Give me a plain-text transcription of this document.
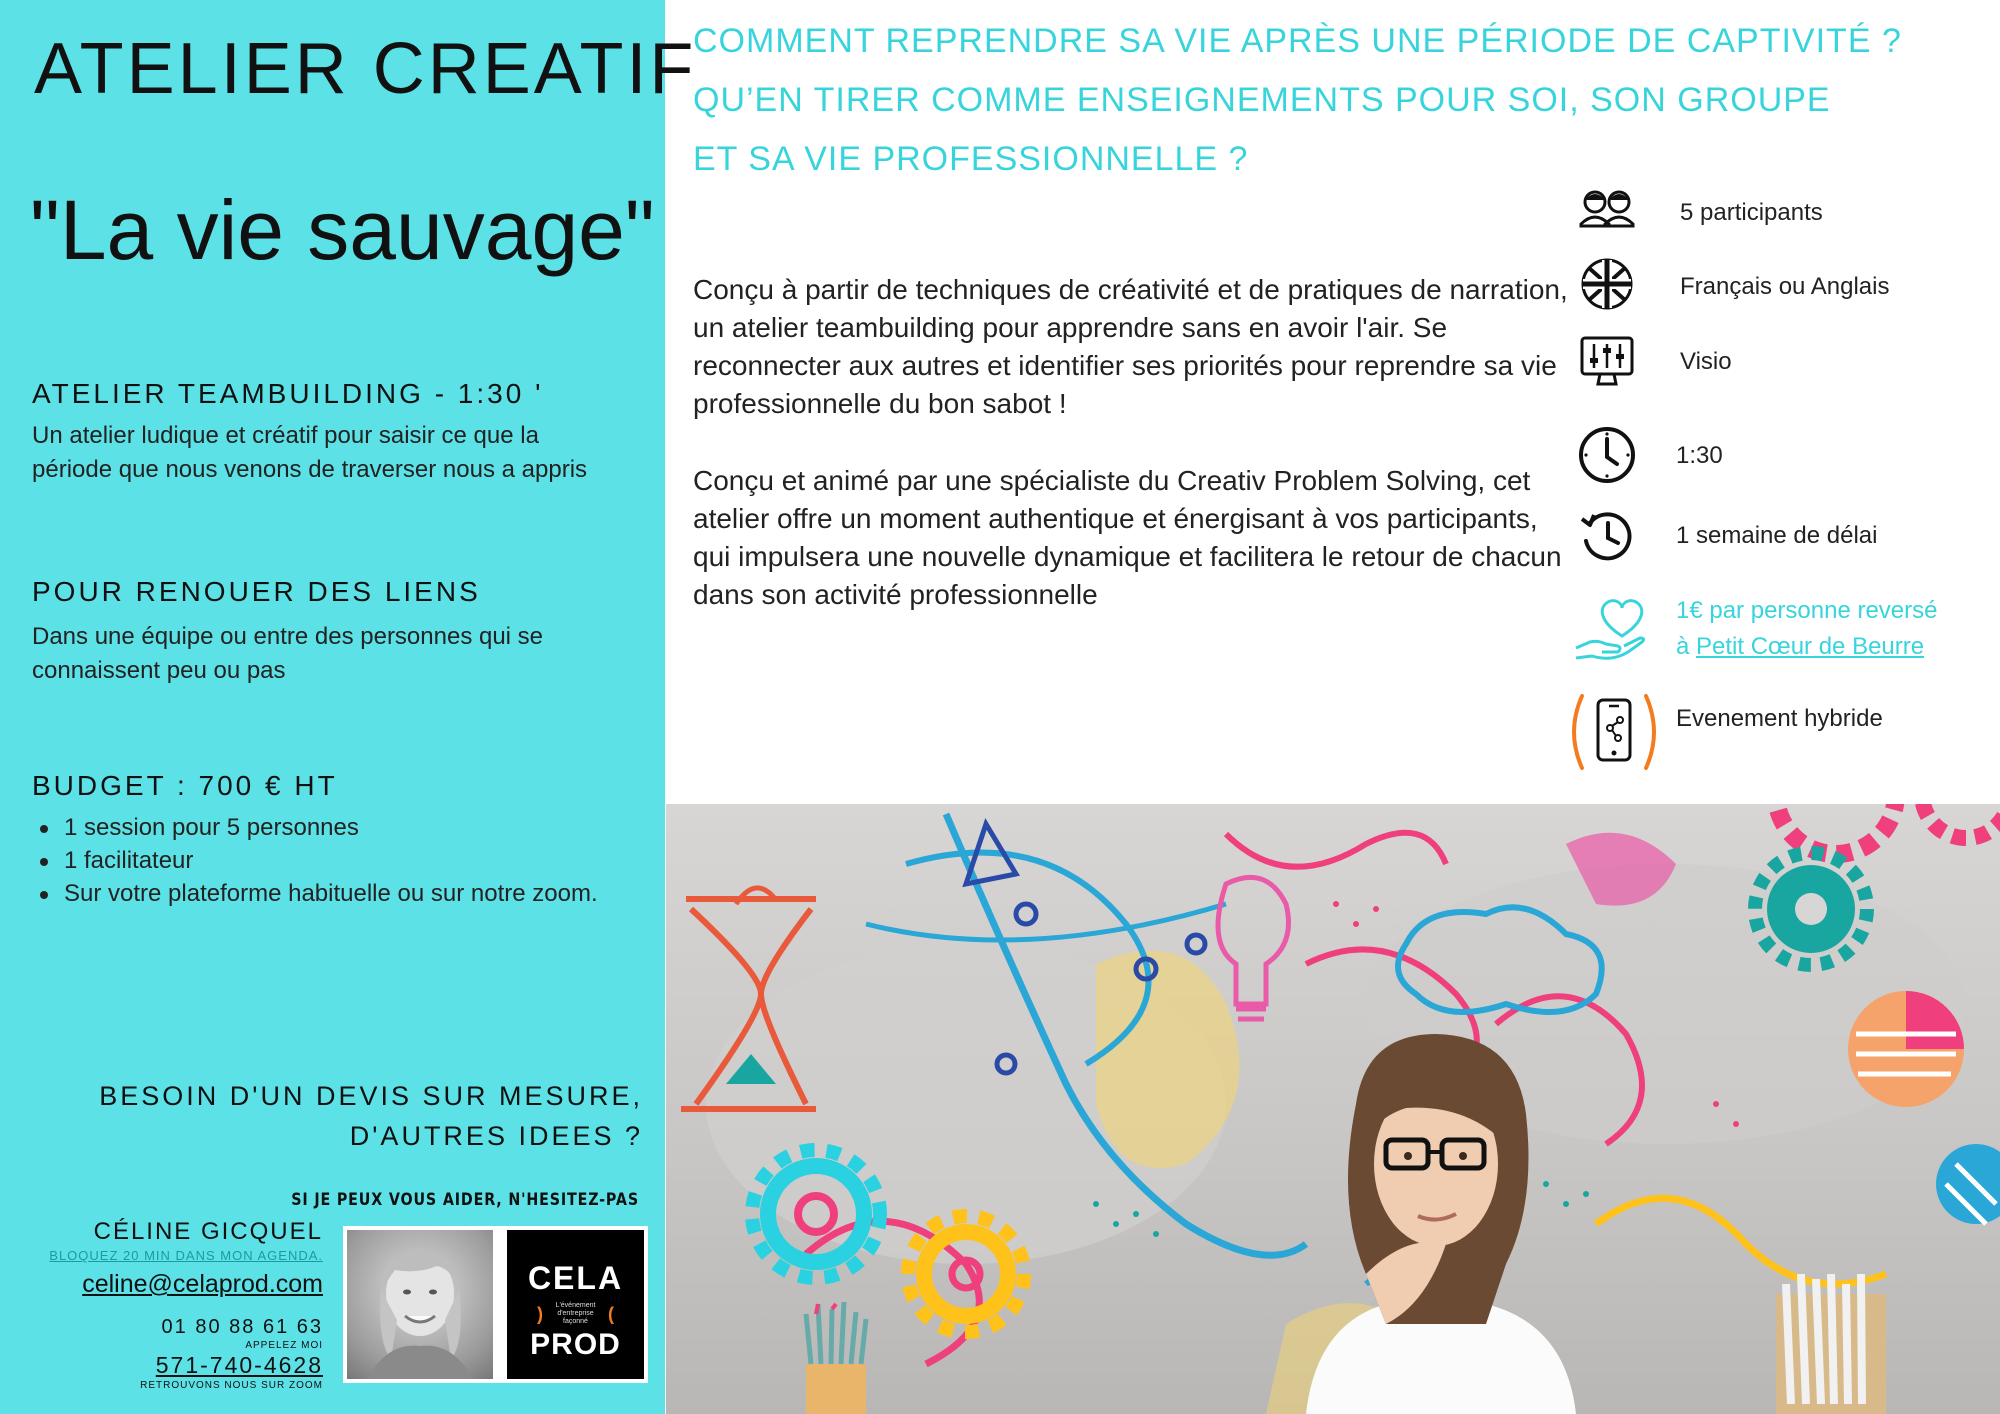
ATELIER CREATIF
"La vie sauvage"
ATELIER TEAMBUILDING - 1:30 '
Un atelier ludique et créatif pour saisir ce que la période que nous venons de traverser nous a appris
POUR RENOUER DES LIENS
Dans une équipe ou entre des personnes qui se connaissent peu ou pas
BUDGET : 700 € HT
1 session pour 5 personnes
1 facilitateur
Sur votre plateforme habituelle ou sur notre zoom.
BESOIN D'UN DEVIS SUR MESURE,
D'AUTRES IDEES ?
SI JE PEUX VOUS AIDER, N'HESITEZ-PAS
CÉLINE GICQUEL
BLOQUEZ 20 MIN DANS MON AGENDA.
celine@celaprod.com
01 80 88 61 63
APPELEZ MOI
571-740-4628
RETROUVONS NOUS SUR ZOOM
CELA
)	L'événement d'entreprise façonné	(
PROD
COMMENT REPRENDRE SA VIE APRÈS UNE PÉRIODE DE CAPTIVITÉ ?
QU’EN TIRER COMME ENSEIGNEMENTS POUR SOI, SON GROUPE
ET SA VIE PROFESSIONNELLE ?
Conçu à partir de techniques de créativité et de pratiques de narration, un atelier teambuilding pour apprendre sans en avoir l'air. Se reconnecter aux autres et identifier ses priorités pour reprendre sa vie professionnelle du bon sabot !
Conçu et animé par une spécialiste du Creativ Problem Solving, cet atelier offre un moment authentique et énergisant à vos participants, qui impulsera une nouvelle dynamique et facilitera le retour de chacun dans son activité professionnelle
5 participants
Français ou Anglais
Visio
1:30
1 semaine de délai
1€ par personne reversé
à Petit Cœur de Beurre
Evenement hybride
